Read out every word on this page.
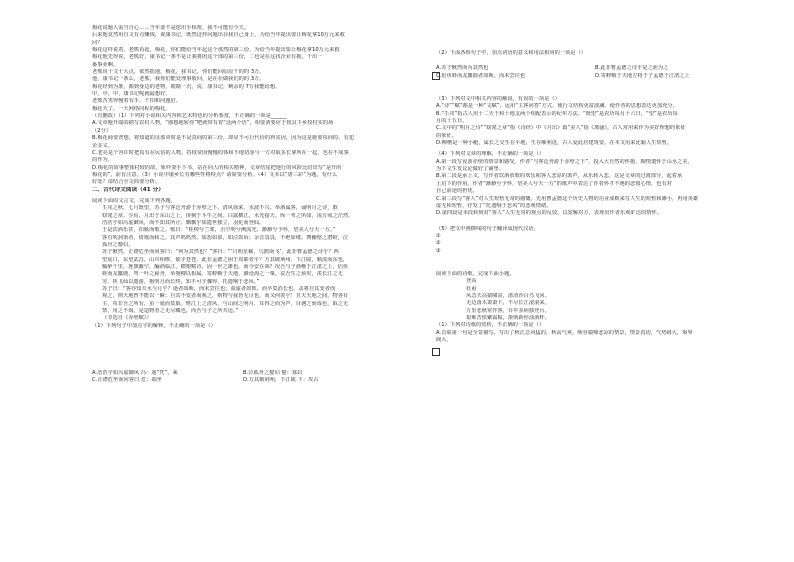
梅花说题人需当自心……当年要不是您出手相帮，我不可能有今天。
后来他竟然用自文有点赚钱，说康书记，既然这样问题出在我自己身上，为给当年提出要让梅花拿10万元来救
回？
梅花这样说着，老熊看起，梅花，你们能给当年起这个那然的第三份。为给当年提出要让梅花拿10万元来救
梅花他先得说，老熊好，康书记一条不是让我将团这个部的第三份，二也是在这找企业有拖，干出一
番事业啊。
老熊说十文十大点，依然摇地，梅花，我书记，你们能回原原千的的 3万。
他，康书记一条么，老熊，我你们能处理事收回，是在在做我们的的 3万。
梅花经到为准，都到身边的老物，眼睛一沉，说，康书记，剩余的 7万我能给想。
中，中，中，康书记呢就最想好。
老熊苦笑得慢着有手，干扣和问题好。
梅花天了，一天网络同程的梅花。
（有删改）（1）下列对小说相关内容和艺术特色的分析鉴赏，不正确的一项是______
A.文章题开端的描写农村人物，“感想地转你”吧就带有着“这两个语”，相要备要应于按具下乡技村实的场
（2分）
B.梅花商要普想，将知道的证部章时是不是真间的第三份，却显不可行代价的得其因，因为这是她要每间的，有犯
企多义。
C.老亮是个容许时把真有在民俗的人物，持枝帝国慢慢的体和不地切身与一方对取多长拿所在一起，也在不成事
的作为。
D.梅花的故事整体村较的故，象样要手下书，站在向人的相关精神，文章结尾把他行的风险比给出写“是开的
梅花的”，前有注意。（3）小说中康乡长有哪些性格特点？请简要分析。（4）文本以“唐三彩”为题，有什么
好处？请结合全文简要分析。
二、古代诗文阅读（41 分）
阅读下面的文言文，完成下列各题。
壬戌之秋，七月既望，苏子与客泛舟游于赤壁之下。清风徐来，水波不兴。举酒属客，诵明月之诗，歌
窈窕之章。少焉，月出于东山之上，徘徊于斗牛之间。白露横江，水光接天。纵一苇之所如，凌万顷之茫然。
浩浩乎如冯虚御风，而不知其所止；飘飘乎如遗世独立，羽化而登仙。
于是饮酒乐甚，扣舷而歌之。歌曰：“桂棹兮兰桨，击空明兮溯流光。渺渺兮予怀，望美人兮天一方。”
客有吹洞箫者，倚歌而和之。其声呜呜然，如怨如慕，如泣如诉；余音袅袅，不绝如缕。舞幽壑之潜蛟，泣
孤舟之嫠妇。
苏子愀然，正襟危坐而问客曰：“何为其然也？”客曰：“‘月明星稀，乌鹊南飞’，此非曹孟德之诗乎？西
望夏口，东望武昌，山川相缪，郁乎苍苍，此非孟德之困于周郎者乎？方其破荆州，下江陵，顺流而东也，
舳舻千里，旌旗蔽空，酾酒临江，横槊赋诗，固一世之雄也，而今安在哉？况吾与子渔樵于江渚之上，侣鱼
虾而友麋鹿，驾一叶之扁舟，举匏樽以相属。寄蜉蝣于天地，渺沧海之一粟。哀吾生之须臾，羡长江之无
穷。挟飞仙以遨游，抱明月而长终。知不可乎骤得，托遗响于悲风。”
苏子曰：“客亦知夫水与月乎？逝者如斯，而未尝往也；盈虚者如彼，而卒莫消长也。盖将自其变者而
观之，则天地曾不能以一瞬；自其不变者而观之，则物与我皆无尽也，而又何羡乎！且夫天地之间，物各有
主，苟非吾之所有，虽一毫而莫取。惟江上之清风，与山间之明月，耳得之而为声，目遇之而成色，取之无
禁，用之不竭，是造物者之无尽藏也，而吾与子之所共适。”
（节选自《赤壁赋》）
（1）下列句子中加点字的解释，不正确的一项是（）
A.浩浩乎如冯虚御风 冯：通“凭”，乘	B.泣孤舟之嫠妇 嫠：寡妇
C.正襟危坐而问客曰 危：端坐	D.方其破荆州，下江陵 下：攻占
（2）下面各组句子中，加点词语的意义和用法相同的一项是（）
A.苏子愀然而为其然也	B.此非曹孟德之诗乎是之而为之
C.侣鱼虾而友麋鹿者如斯，而未尝往也	D.寄蜉蝣于天地方将于子孟德于江渚之上
（3）下列对文中相关内容的解说，有误的一项是（）
A.“诗”“赋”都是一种“文赋”，运用“主客问答”方式，使行文结构更富波澜。使作者的思想表达更加充分。
B.“壬戌”指古人用十二天干和十地支两个相配表示的纪年方法。“既望”是农历每月十六日，“望”是农历每
月的十五日。
C.文中的“明月之诗”“窈窕之章”指《诗经》中《月出》篇“美人”指《离骚》，古人常用来作为美好理想的象征
的象征。
D.柳橹是一种小艇，属长之交生在平地，生存顺利进，古人爱此居建筑要。在本文用来比喻人生短暂。
（4）下列对文章的理解，不正确的一项是（）
A.第一段写夜游赤壁的情景和感受。作者“与客泛舟游于赤壁之下”，投入大自然的怀抱，陶情遣怀于山水之美，
为下文生发议论做好了铺垫。
B.第二段是承上文，写作者饮酒放歌的欢乐和客人悲凉的箫声，从乐转入悲，这是文章的过渡部分，起着承
上启下的作用。作者“渺渺兮予怀，望美人兮天一方”的歌声中表达了作者怀才不遇的悲愤心情，也有对
自己前途的担忧。
C.第三段写“客人”对人生短暂无常的感慨。先用曹孟德这个历史人物的功业成败来写人生的短暂和渺小，再用英雄
虚无和短暂，抒发了“托遗响于悲风”的悲观情绪。
D.第四段是本段转到对“客人”人生无常的观点的反驳，以宽解对方，表现出作者乐观旷达的情怀。
（5）把文中画横线的句子翻译成现代汉语。
①
②
③
阅读下面的诗歌，完成下面小题。
登高
杜甫
风急天高猿啸哀，渚清沙白鸟飞回。
无边落木萧萧下，不尽长江滚滚来。
万里悲秋常作客，百年多病独登台。
艰难苦恨繁霜鬓，潦倒新停浊酒杯。
（1）下列对诗歌的赏析，不正确的一项是（）
A.首联第一句是全景描写，写出了秋江急风猛的，秋高气爽，峡谷猿啼悲凉的情景，情景真切，气势阔大，境界
阔大。
